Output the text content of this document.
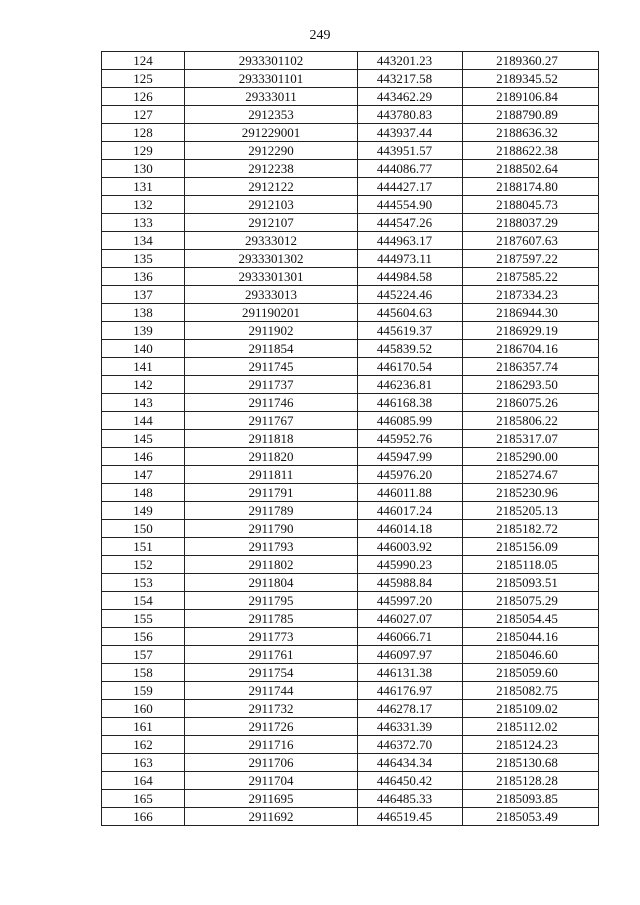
249
124	2933301102	443201.23	2189360.27
125	2933301101	443217.58	2189345.52
126	29333011	443462.29	2189106.84
127	2912353	443780.83	2188790.89
128	291229001	443937.44	2188636.32
129	2912290	443951.57	2188622.38
130	2912238	444086.77	2188502.64
131	2912122	444427.17	2188174.80
132	2912103	444554.90	2188045.73
133	2912107	444547.26	2188037.29
134	29333012	444963.17	2187607.63
135	2933301302	444973.11	2187597.22
136	2933301301	444984.58	2187585.22
137	29333013	445224.46	2187334.23
138	291190201	445604.63	2186944.30
139	2911902	445619.37	2186929.19
140	2911854	445839.52	2186704.16
141	2911745	446170.54	2186357.74
142	2911737	446236.81	2186293.50
143	2911746	446168.38	2186075.26
144	2911767	446085.99	2185806.22
145	2911818	445952.76	2185317.07
146	2911820	445947.99	2185290.00
147	2911811	445976.20	2185274.67
148	2911791	446011.88	2185230.96
149	2911789	446017.24	2185205.13
150	2911790	446014.18	2185182.72
151	2911793	446003.92	2185156.09
152	2911802	445990.23	2185118.05
153	2911804	445988.84	2185093.51
154	2911795	445997.20	2185075.29
155	2911785	446027.07	2185054.45
156	2911773	446066.71	2185044.16
157	2911761	446097.97	2185046.60
158	2911754	446131.38	2185059.60
159	2911744	446176.97	2185082.75
160	2911732	446278.17	2185109.02
161	2911726	446331.39	2185112.02
162	2911716	446372.70	2185124.23
163	2911706	446434.34	2185130.68
164	2911704	446450.42	2185128.28
165	2911695	446485.33	2185093.85
166	2911692	446519.45	2185053.49
